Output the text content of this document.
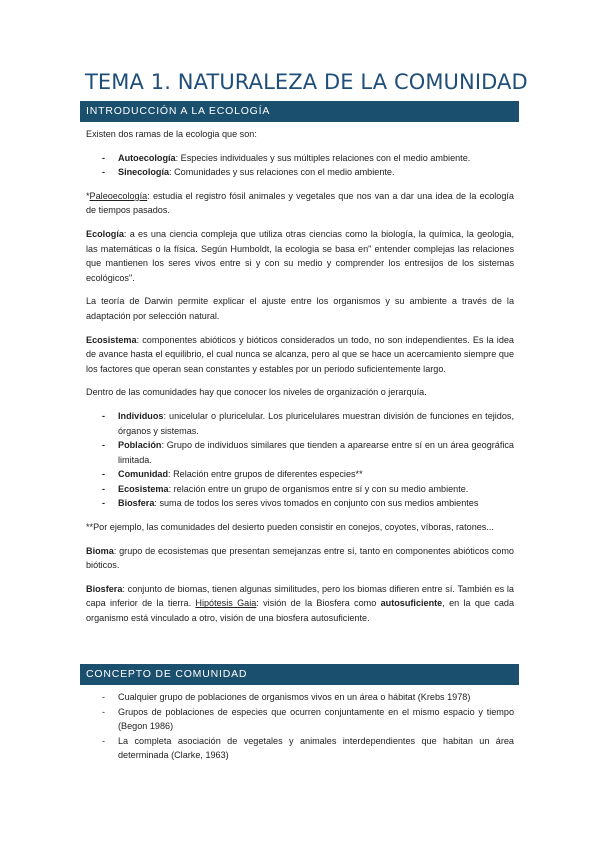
TEMA 1. NATURALEZA DE LA COMUNIDAD
INTRODUCCIÓN A LA ECOLOGÍA

Existen dos ramas de la ecologia que son:

- Autoecología: Especies individuales y sus múltiples relaciones con el medio ambiente.
- Sinecología: Comunidades y sus relaciones con el medio ambiente.

*Paleoecología: estudia el registro fósil animales y vegetales que nos van a dar una idea de la ecología de tiempos pasados.

Ecología: a es una ciencia compleja que utiliza otras ciencias como la biología, la química, la geologia, las matemáticas o la física. Según Humboldt, la ecologia se basa en" entender complejas las relaciones que mantienen los seres vivos entre si y con su medio y comprender los entresijos de los sistemas ecológicos".

La teoría de Darwin permite explicar el ajuste entre los organismos y su ambiente a través de la adaptación por selección natural.

Ecosistema: componentes abióticos y bióticos considerados un todo, no son independientes. Es la idea de avance hasta el equilibrio, el cual nunca se alcanza, pero al que se hace un acercamiento siempre que los factores que operan sean constantes y estables por un periodo suficientemente largo.

Dentro de las comunidades hay que conocer los niveles de organización o jerarquía.

- Individuos: unicelular o pluricelular. Los pluricelulares muestran división de funciones en tejidos, órganos y sistemas.
- Población: Grupo de individuos similares que tienden a aparearse entre sí en un área geográfica limitada.
- Comunidad: Relación entre grupos de diferentes especies**
- Ecosistema: relación entre un grupo de organismos entre sí y con su medio ambiente.
- Biosfera: suma de todos los seres vivos tomados en conjunto con sus medios ambientes

**Por ejemplo, las comunidades del desierto pueden consistir en conejos, coyotes, víboras, ratones...

Bioma: grupo de ecosistemas que presentan semejanzas entre sí, tanto en componentes abióticos como bióticos.

Biosfera: conjunto de biomas, tienen algunas similitudes, pero los biomas difieren entre sí. También es la capa inferior de la tierra. Hipótesis Gaia: visión de la Biosfera como autosuficiente, en la que cada organismo está vinculado a otro, visión de una biosfera autosuficiente.

CONCEPTO DE COMUNIDAD
- Cualquier grupo de poblaciones de organismos vivos en un área o hábitat (Krebs 1978)
- Grupos de poblaciones de especies que ocurren conjuntamente en el mismo espacio y tiempo (Begon 1986)
- La completa asociación de vegetales y animales interdependientes que habitan un área determinada (Clarke, 1963)
